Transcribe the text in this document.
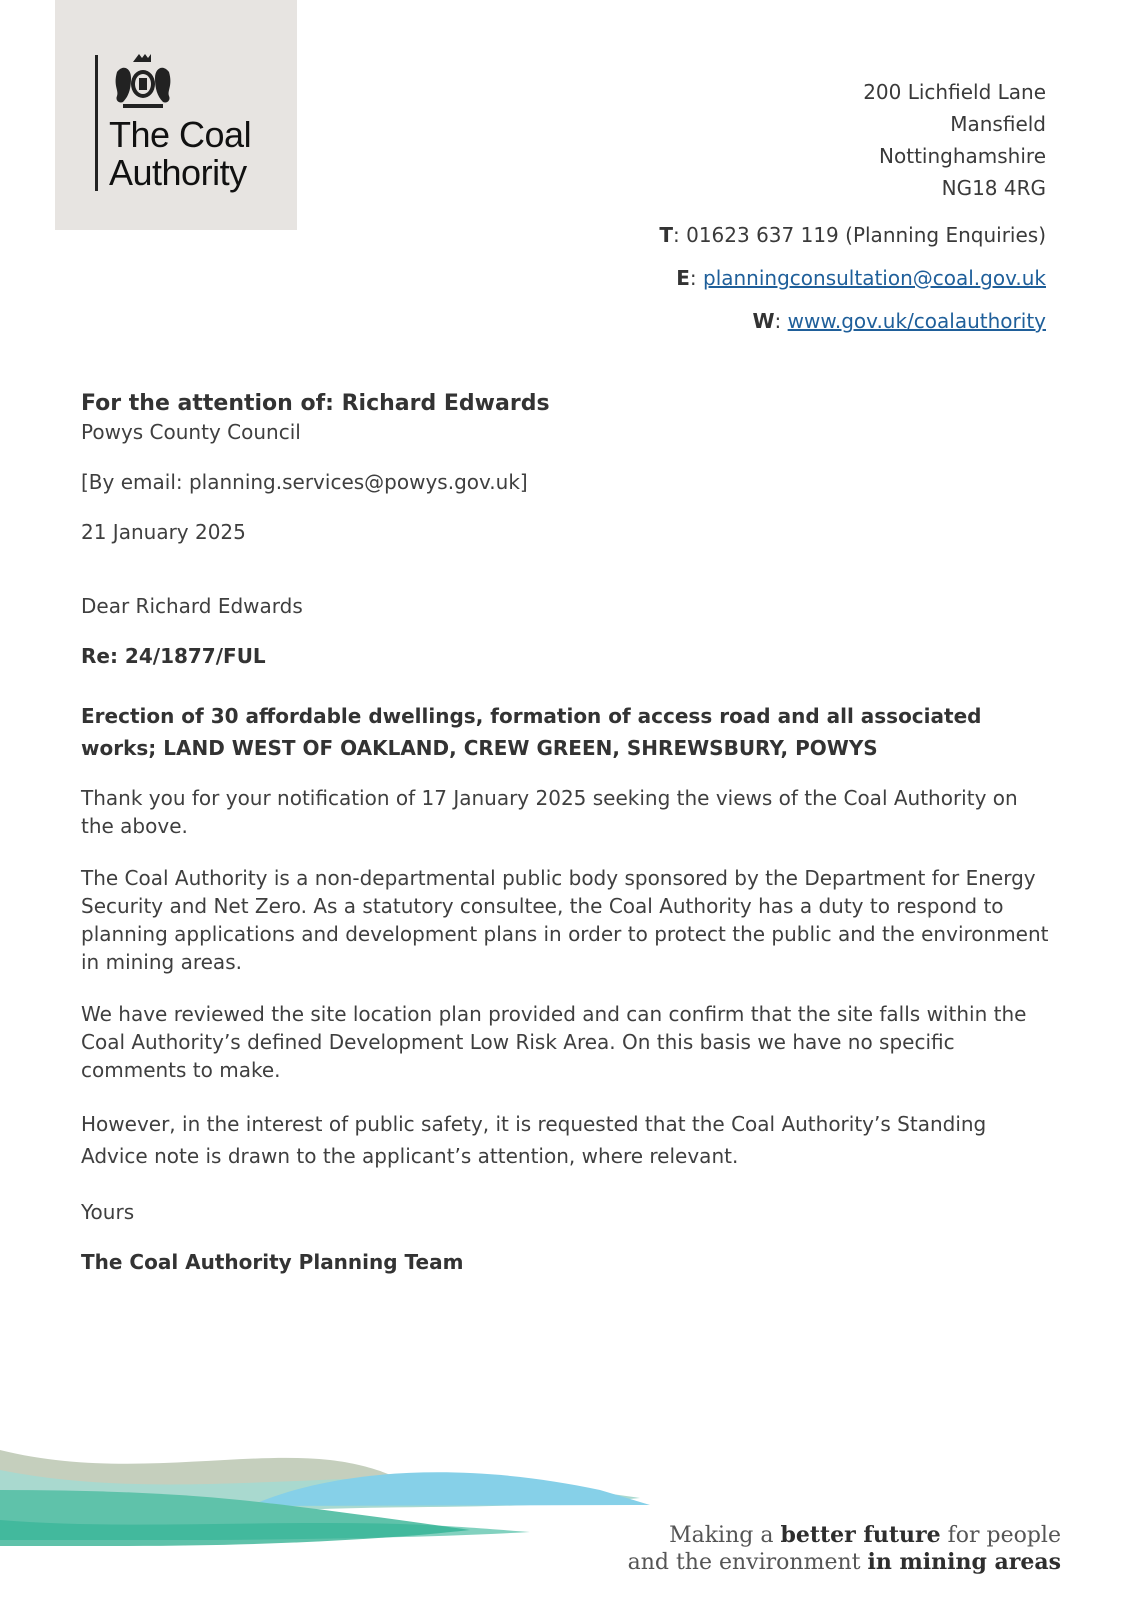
The Coal
Authority
200 Lichfield Lane
Mansfield
Nottinghamshire
NG18 4RG
T: 01623 637 119 (Planning Enquiries)
E: planningconsultation@coal.gov.uk
W: www.gov.uk/coalauthority

For the attention of: Richard Edwards

Powys County Council

[By email: planning.services@powys.gov.uk]

21 January 2025

Dear Richard Edwards

Re: 24/1877/FUL

Erection of 30 affordable dwellings, formation of access road and all associated works; LAND WEST OF OAKLAND, CREW GREEN, SHREWSBURY, POWYS

Thank you for your notification of 17 January 2025 seeking the views of the Coal Authority on the above.

The Coal Authority is a non-departmental public body sponsored by the Department for Energy Security and Net Zero. As a statutory consultee, the Coal Authority has a duty to respond to planning applications and development plans in order to protect the public and the environment in mining areas.

We have reviewed the site location plan provided and can confirm that the site falls within the Coal Authority’s defined Development Low Risk Area. On this basis we have no specific comments to make.

However, in the interest of public safety, it is requested that the Coal Authority’s Standing Advice note is drawn to the applicant’s attention, where relevant.

Yours

The Coal Authority Planning Team

Making a better future for people
and the environment in mining areas
